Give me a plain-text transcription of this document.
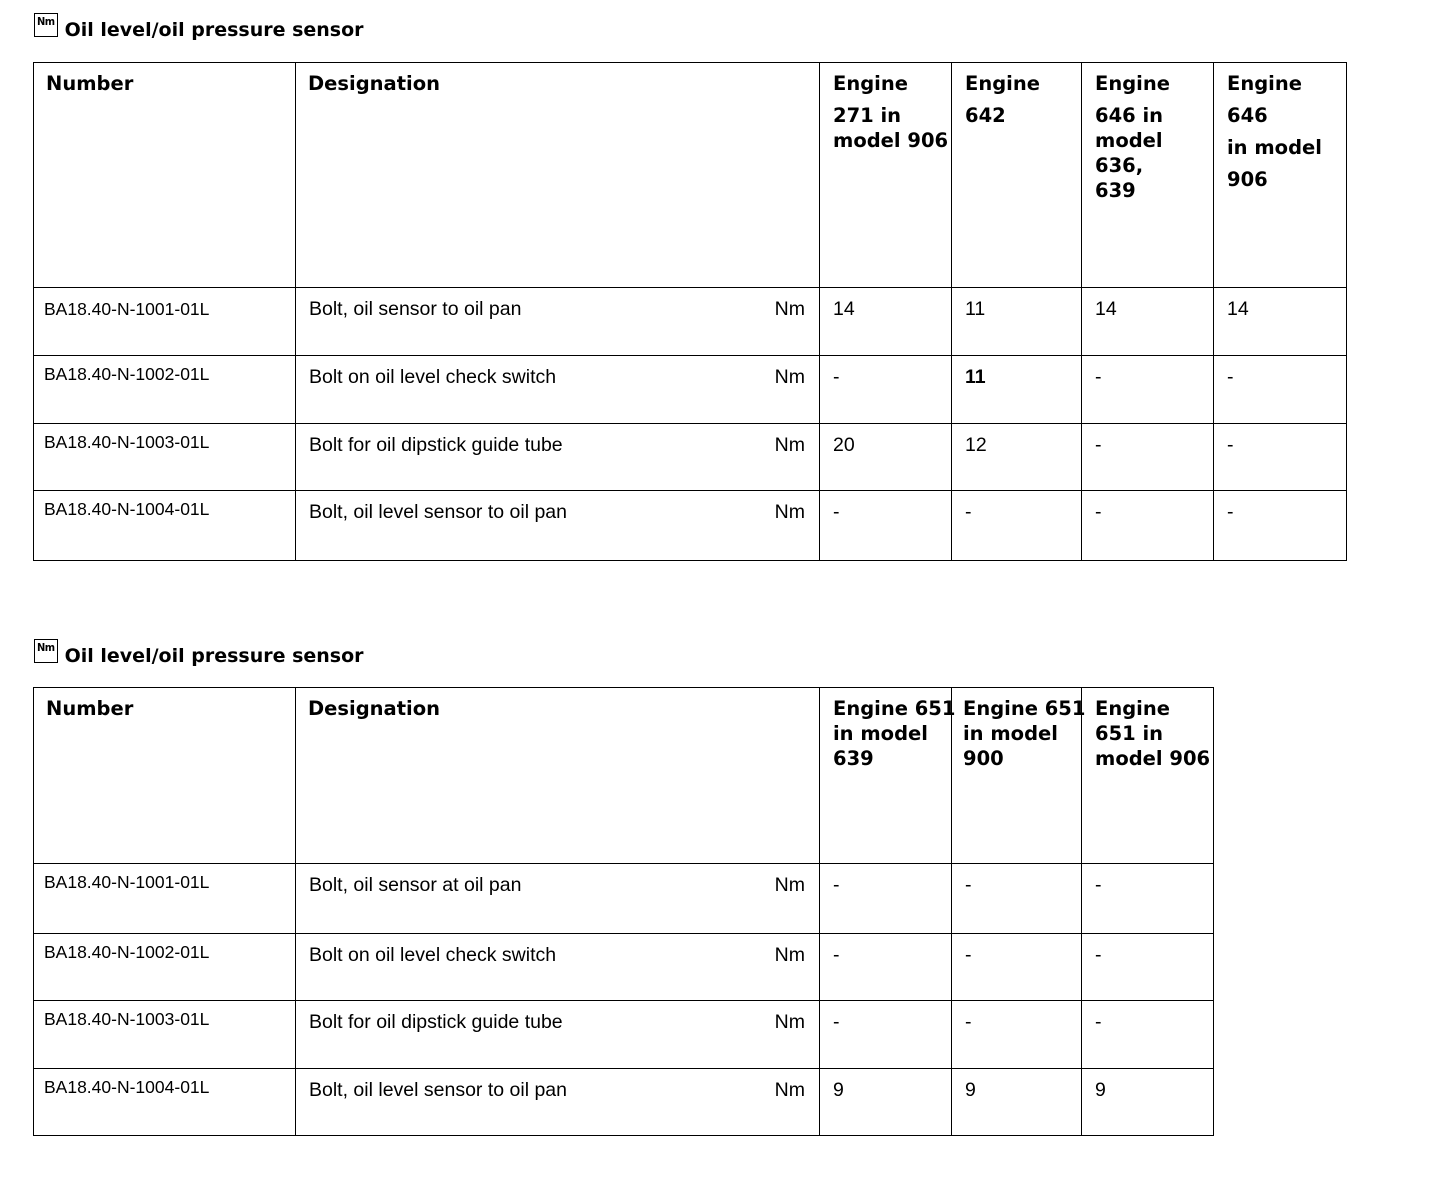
Nm Oil level/oil pressure sensor
Number	Designation	Engine
271 in
model 906	Engine
642	Engine
646 in
model 636,
639	Engine
646
in model
906

BA18.40-N-1001-01L	Bolt, oil sensor to oil pan Nm	14	11	14	14
BA18.40-N-1002-01L	Bolt on oil level check switch Nm	-	11	-	-
BA18.40-N-1003-01L	Bolt for oil dipstick guide tube Nm	20	12	-	-
BA18.40-N-1004-01L	Bolt, oil level sensor to oil pan Nm	-	-	-	-
Nm Oil level/oil pressure sensor
Number	Designation	Engine 651
in model
639	Engine 651
in model
900	Engine
651 in
model 906

BA18.40-N-1001-01L	Bolt, oil sensor at oil pan Nm	-	-	-
BA18.40-N-1002-01L	Bolt on oil level check switch Nm	-	-	-
BA18.40-N-1003-01L	Bolt for oil dipstick guide tube Nm	-	-	-
BA18.40-N-1004-01L	Bolt, oil level sensor to oil pan Nm	9	9	9
